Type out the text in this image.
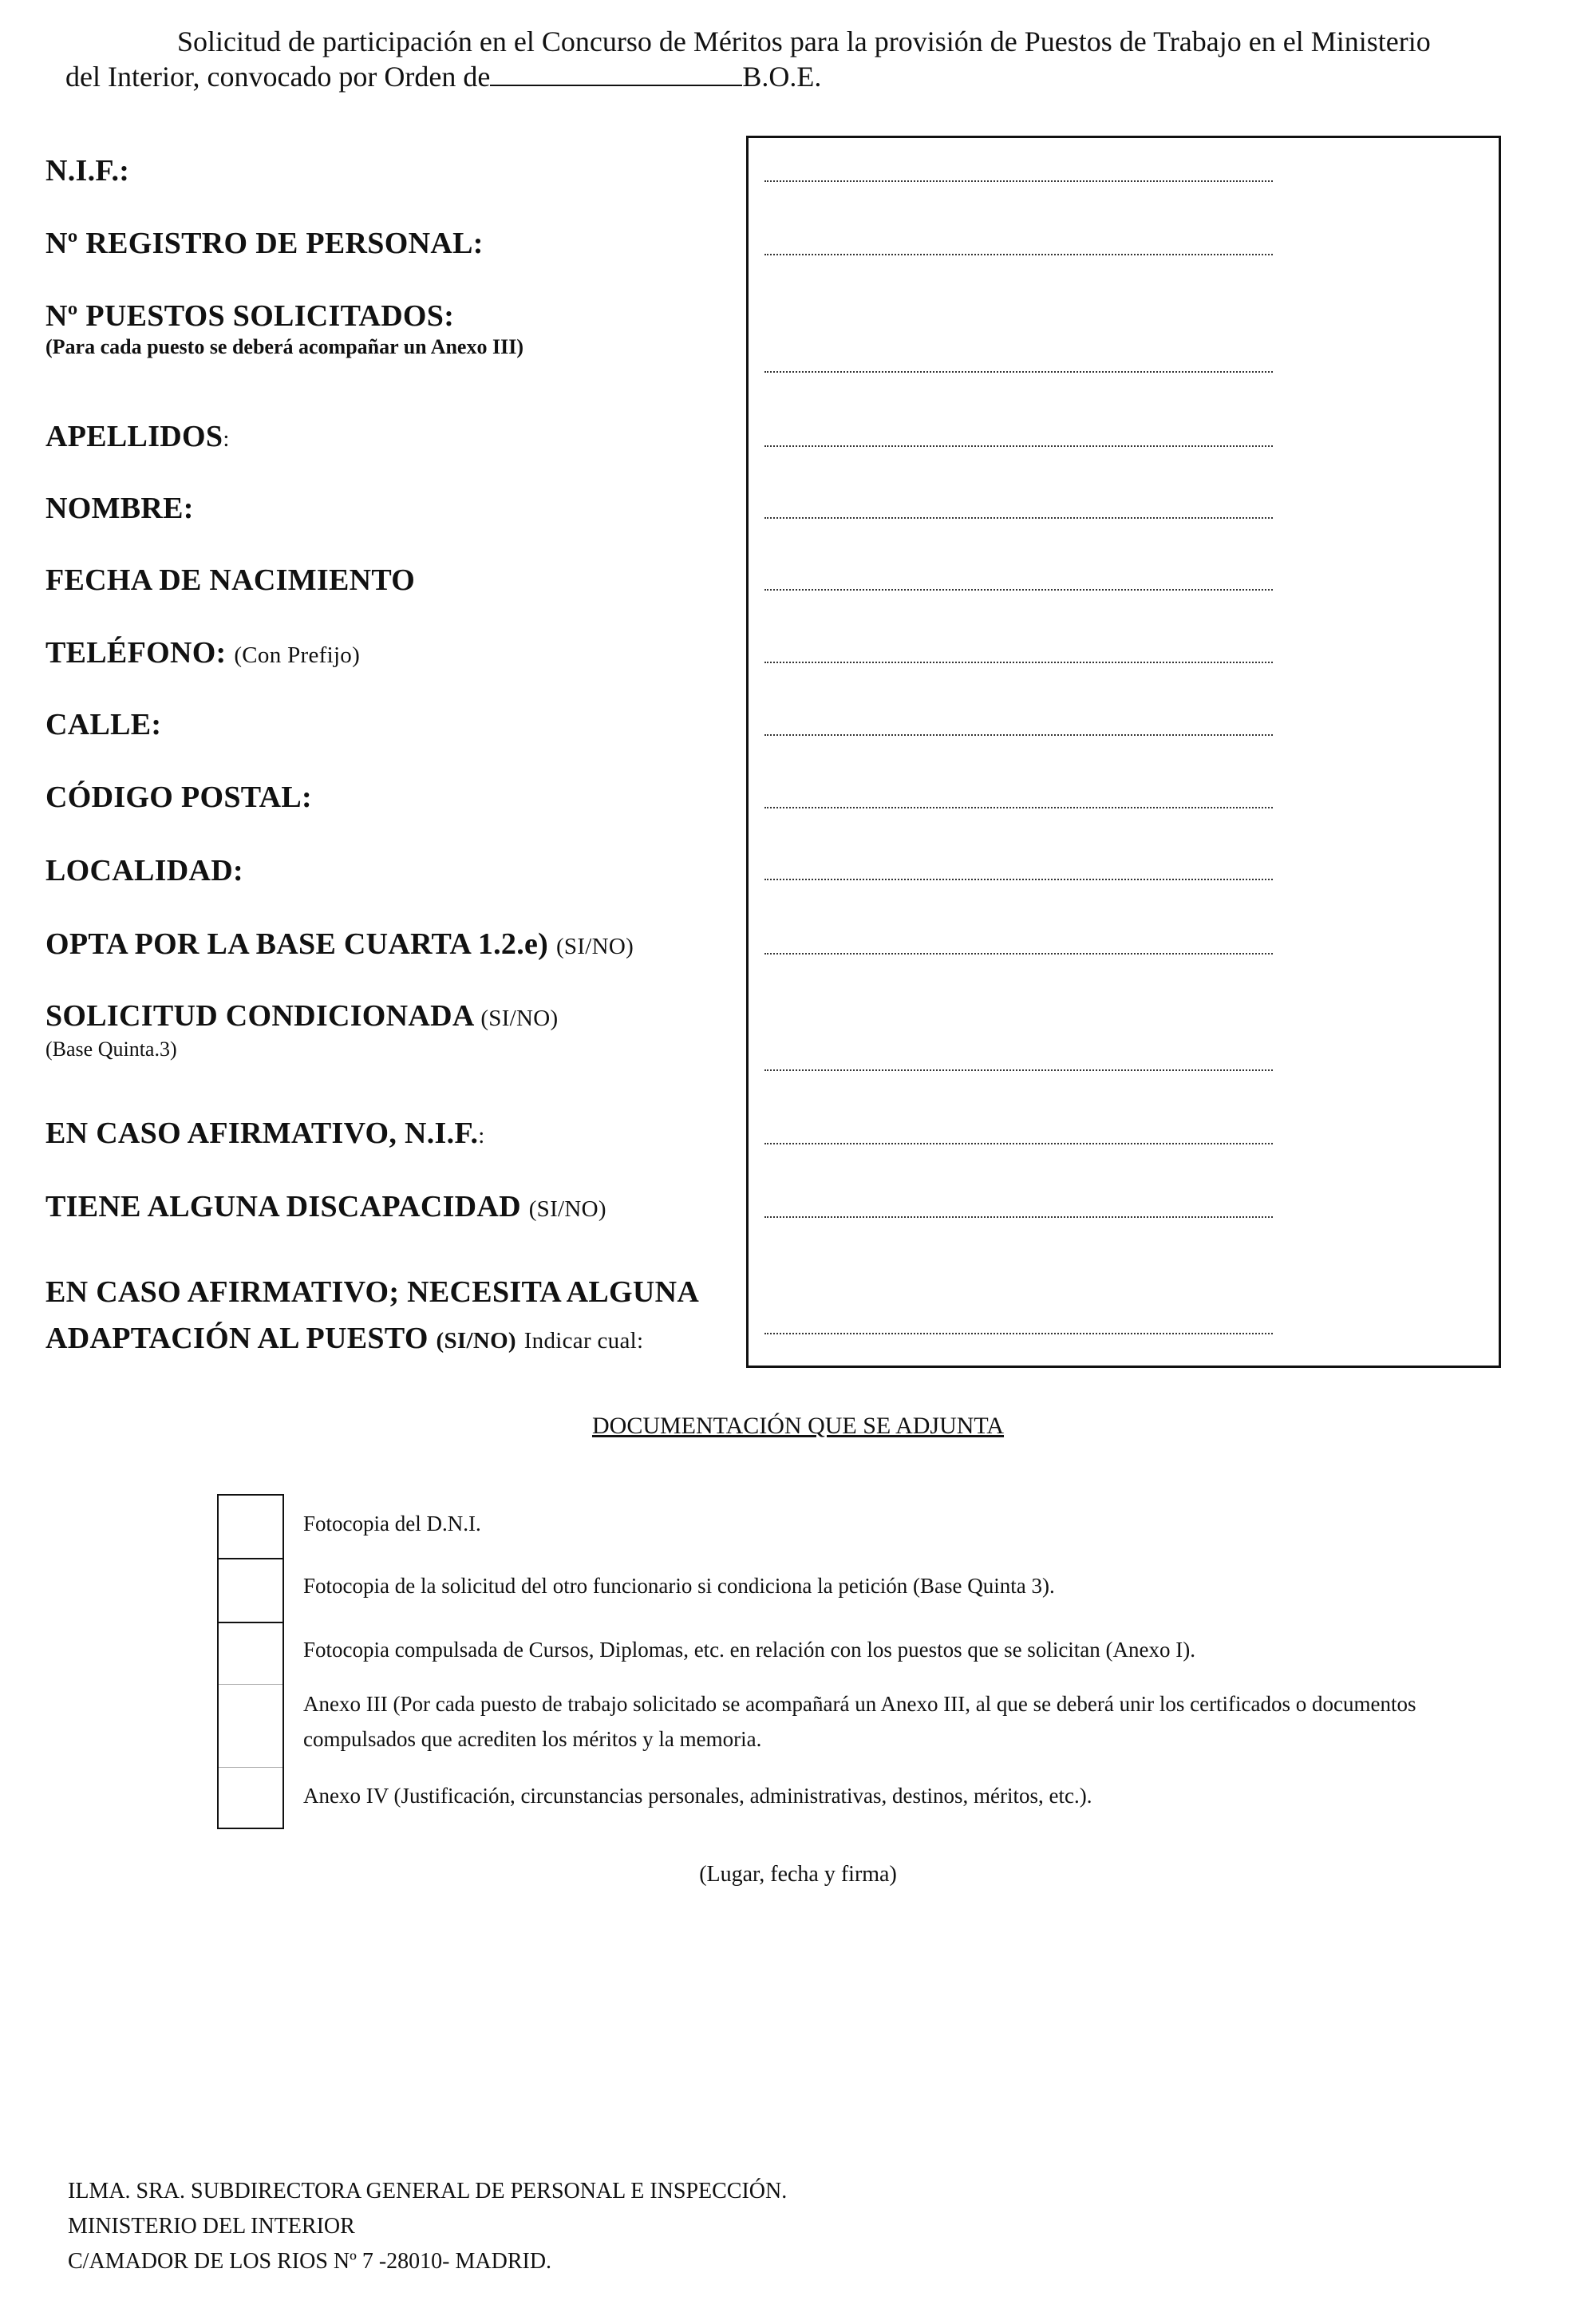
Solicitud de participación en el Concurso de Méritos para la provisión de Puestos de Trabajo en el Ministerio
del Interior, convocado por Orden de	B.O.E.
N.I.F.:
Nº REGISTRO DE PERSONAL:
Nº PUESTOS SOLICITADOS:
(Para cada puesto se deberá acompañar un Anexo III)
APELLIDOS:
NOMBRE:
FECHA DE NACIMIENTO
TELÉFONO: (Con Prefijo)
CALLE:
CÓDIGO POSTAL:
LOCALIDAD:
OPTA POR LA BASE CUARTA 1.2.e) (SI/NO)
SOLICITUD CONDICIONADA (SI/NO)
(Base Quinta.3)
EN CASO AFIRMATIVO, N.I.F.:
TIENE ALGUNA DISCAPACIDAD (SI/NO)
EN CASO AFIRMATIVO; NECESITA ALGUNA
ADAPTACIÓN AL PUESTO (SI/NO) Indicar cual:
DOCUMENTACIÓN QUE SE ADJUNTA
Fotocopia del D.N.I.
Fotocopia de la solicitud del otro funcionario si condiciona la petición (Base Quinta 3).
Fotocopia compulsada de Cursos, Diplomas, etc. en relación con los puestos que se solicitan (Anexo I).
Anexo III (Por cada puesto de trabajo solicitado se acompañará un Anexo III, al que se deberá unir los certificados o documentos compulsados que acrediten los méritos y la memoria.
Anexo IV (Justificación, circunstancias personales, administrativas, destinos, méritos, etc.).
(Lugar, fecha y firma)
ILMA. SRA. SUBDIRECTORA GENERAL DE PERSONAL E INSPECCIÓN.
MINISTERIO DEL INTERIOR
C/AMADOR DE LOS RIOS Nº 7 -28010- MADRID.
